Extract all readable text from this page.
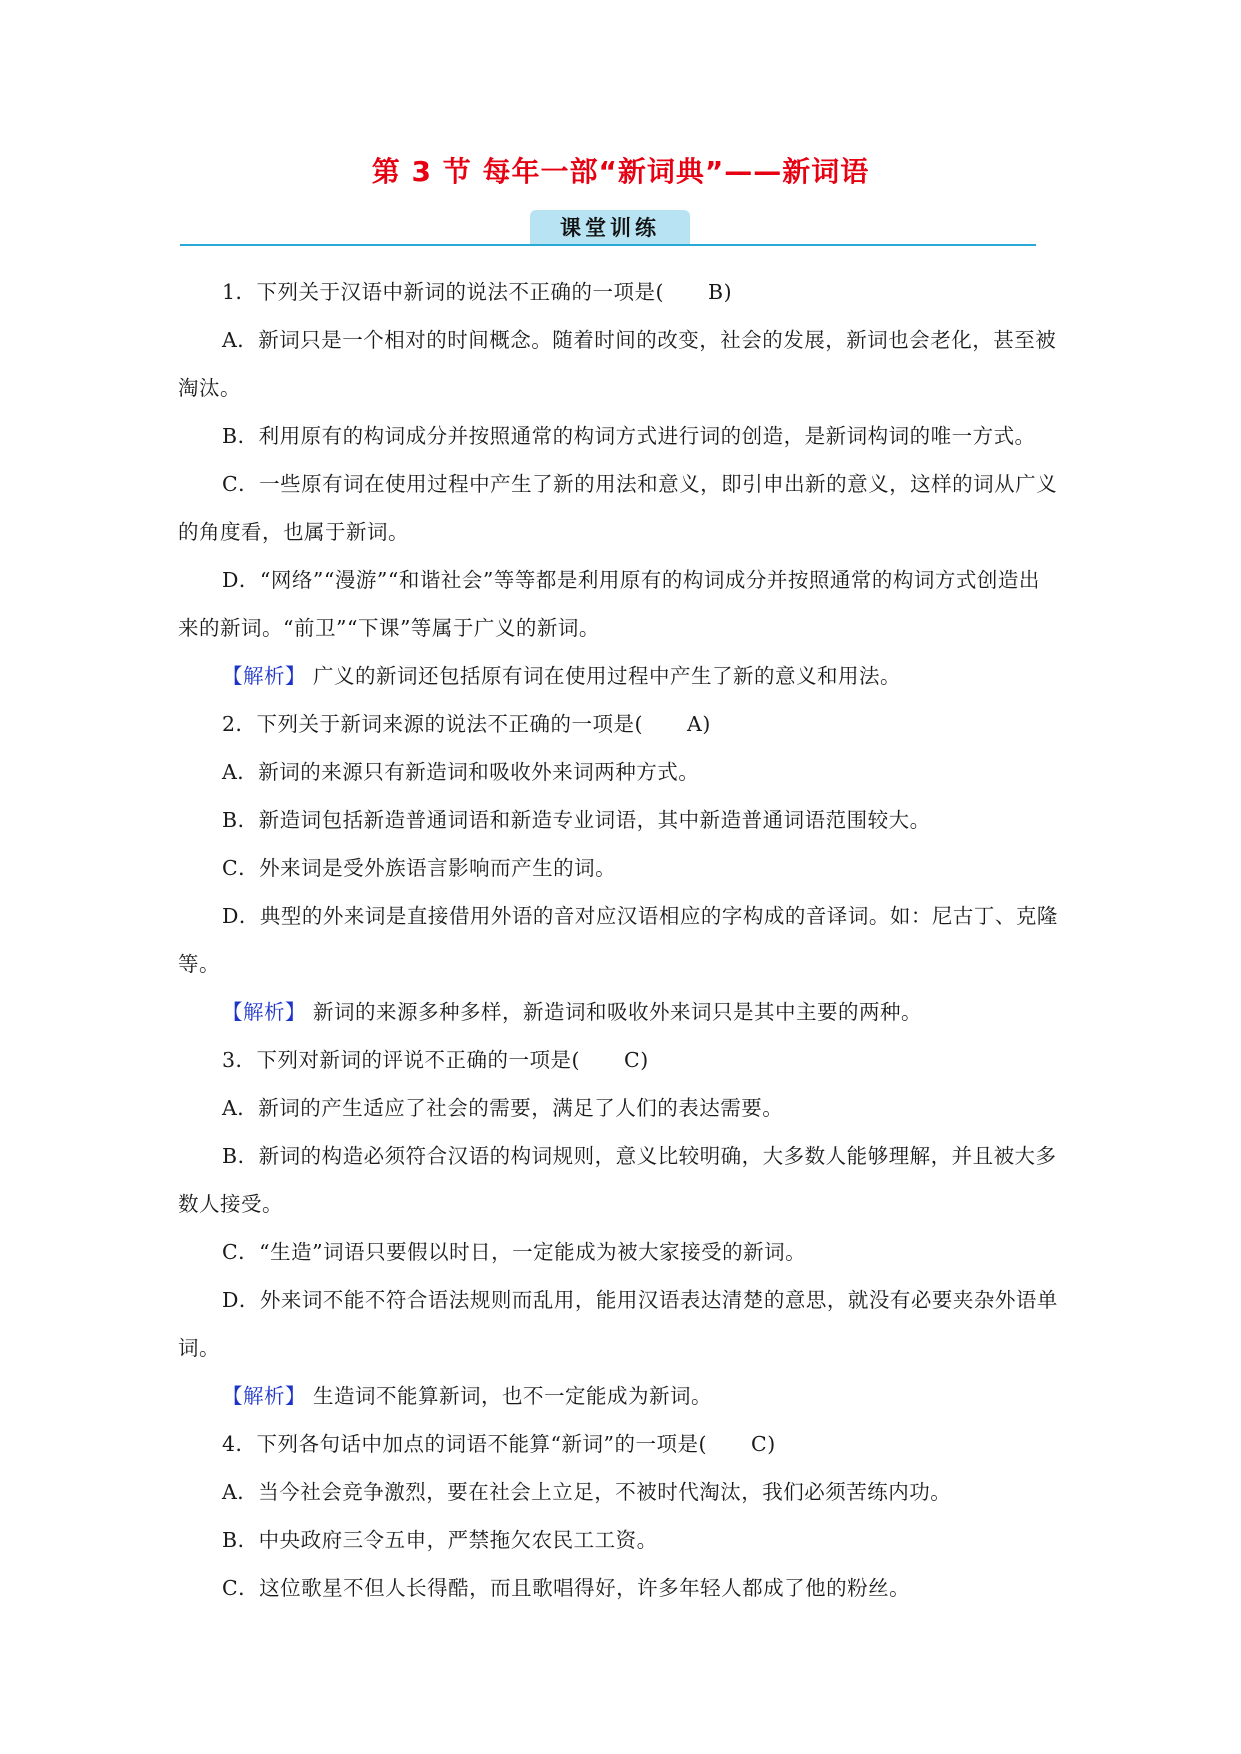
第 3 节 每年一部“新词典”——新词语
课堂训练

1．下列关于汉语中新词的说法不正确的一项是( B)

A．新词只是一个相对的时间概念。随着时间的改变，社会的发展，新词也会老化，甚至被淘汰。

B．利用原有的构词成分并按照通常的构词方式进行词的创造，是新词构词的唯一方式。

C．一些原有词在使用过程中产生了新的用法和意义，即引申出新的意义，这样的词从广义的角度看，也属于新词。

D．“网络”“漫游”“和谐社会”等等都是利用原有的构词成分并按照通常的构词方式创造出来的新词。“前卫”“下课”等属于广义的新词。

【解析】 广义的新词还包括原有词在使用过程中产生了新的意义和用法。

2．下列关于新词来源的说法不正确的一项是( A)

A．新词的来源只有新造词和吸收外来词两种方式。

B．新造词包括新造普通词语和新造专业词语，其中新造普通词语范围较大。

C．外来词是受外族语言影响而产生的词。

D．典型的外来词是直接借用外语的音对应汉语相应的字构成的音译词。如：尼古丁、克隆等。

【解析】 新词的来源多种多样，新造词和吸收外来词只是其中主要的两种。

3．下列对新词的评说不正确的一项是( C)

A．新词的产生适应了社会的需要，满足了人们的表达需要。

B．新词的构造必须符合汉语的构词规则，意义比较明确，大多数人能够理解，并且被大多数人接受。

C．“生造”词语只要假以时日，一定能成为被大家接受的新词。

D．外来词不能不符合语法规则而乱用，能用汉语表达清楚的意思，就没有必要夹杂外语单词。

【解析】 生造词不能算新词，也不一定能成为新词。

4．下列各句话中加点的词语不能算“新词”的一项是( C)

A．当今社会竞争激烈，要在社会上立足，不被时代淘汰，我们必须苦练内功。

B．中央政府三令五申，严禁拖欠农民工工资。

C．这位歌星不但人长得酷，而且歌唱得好，许多年轻人都成了他的粉丝。
